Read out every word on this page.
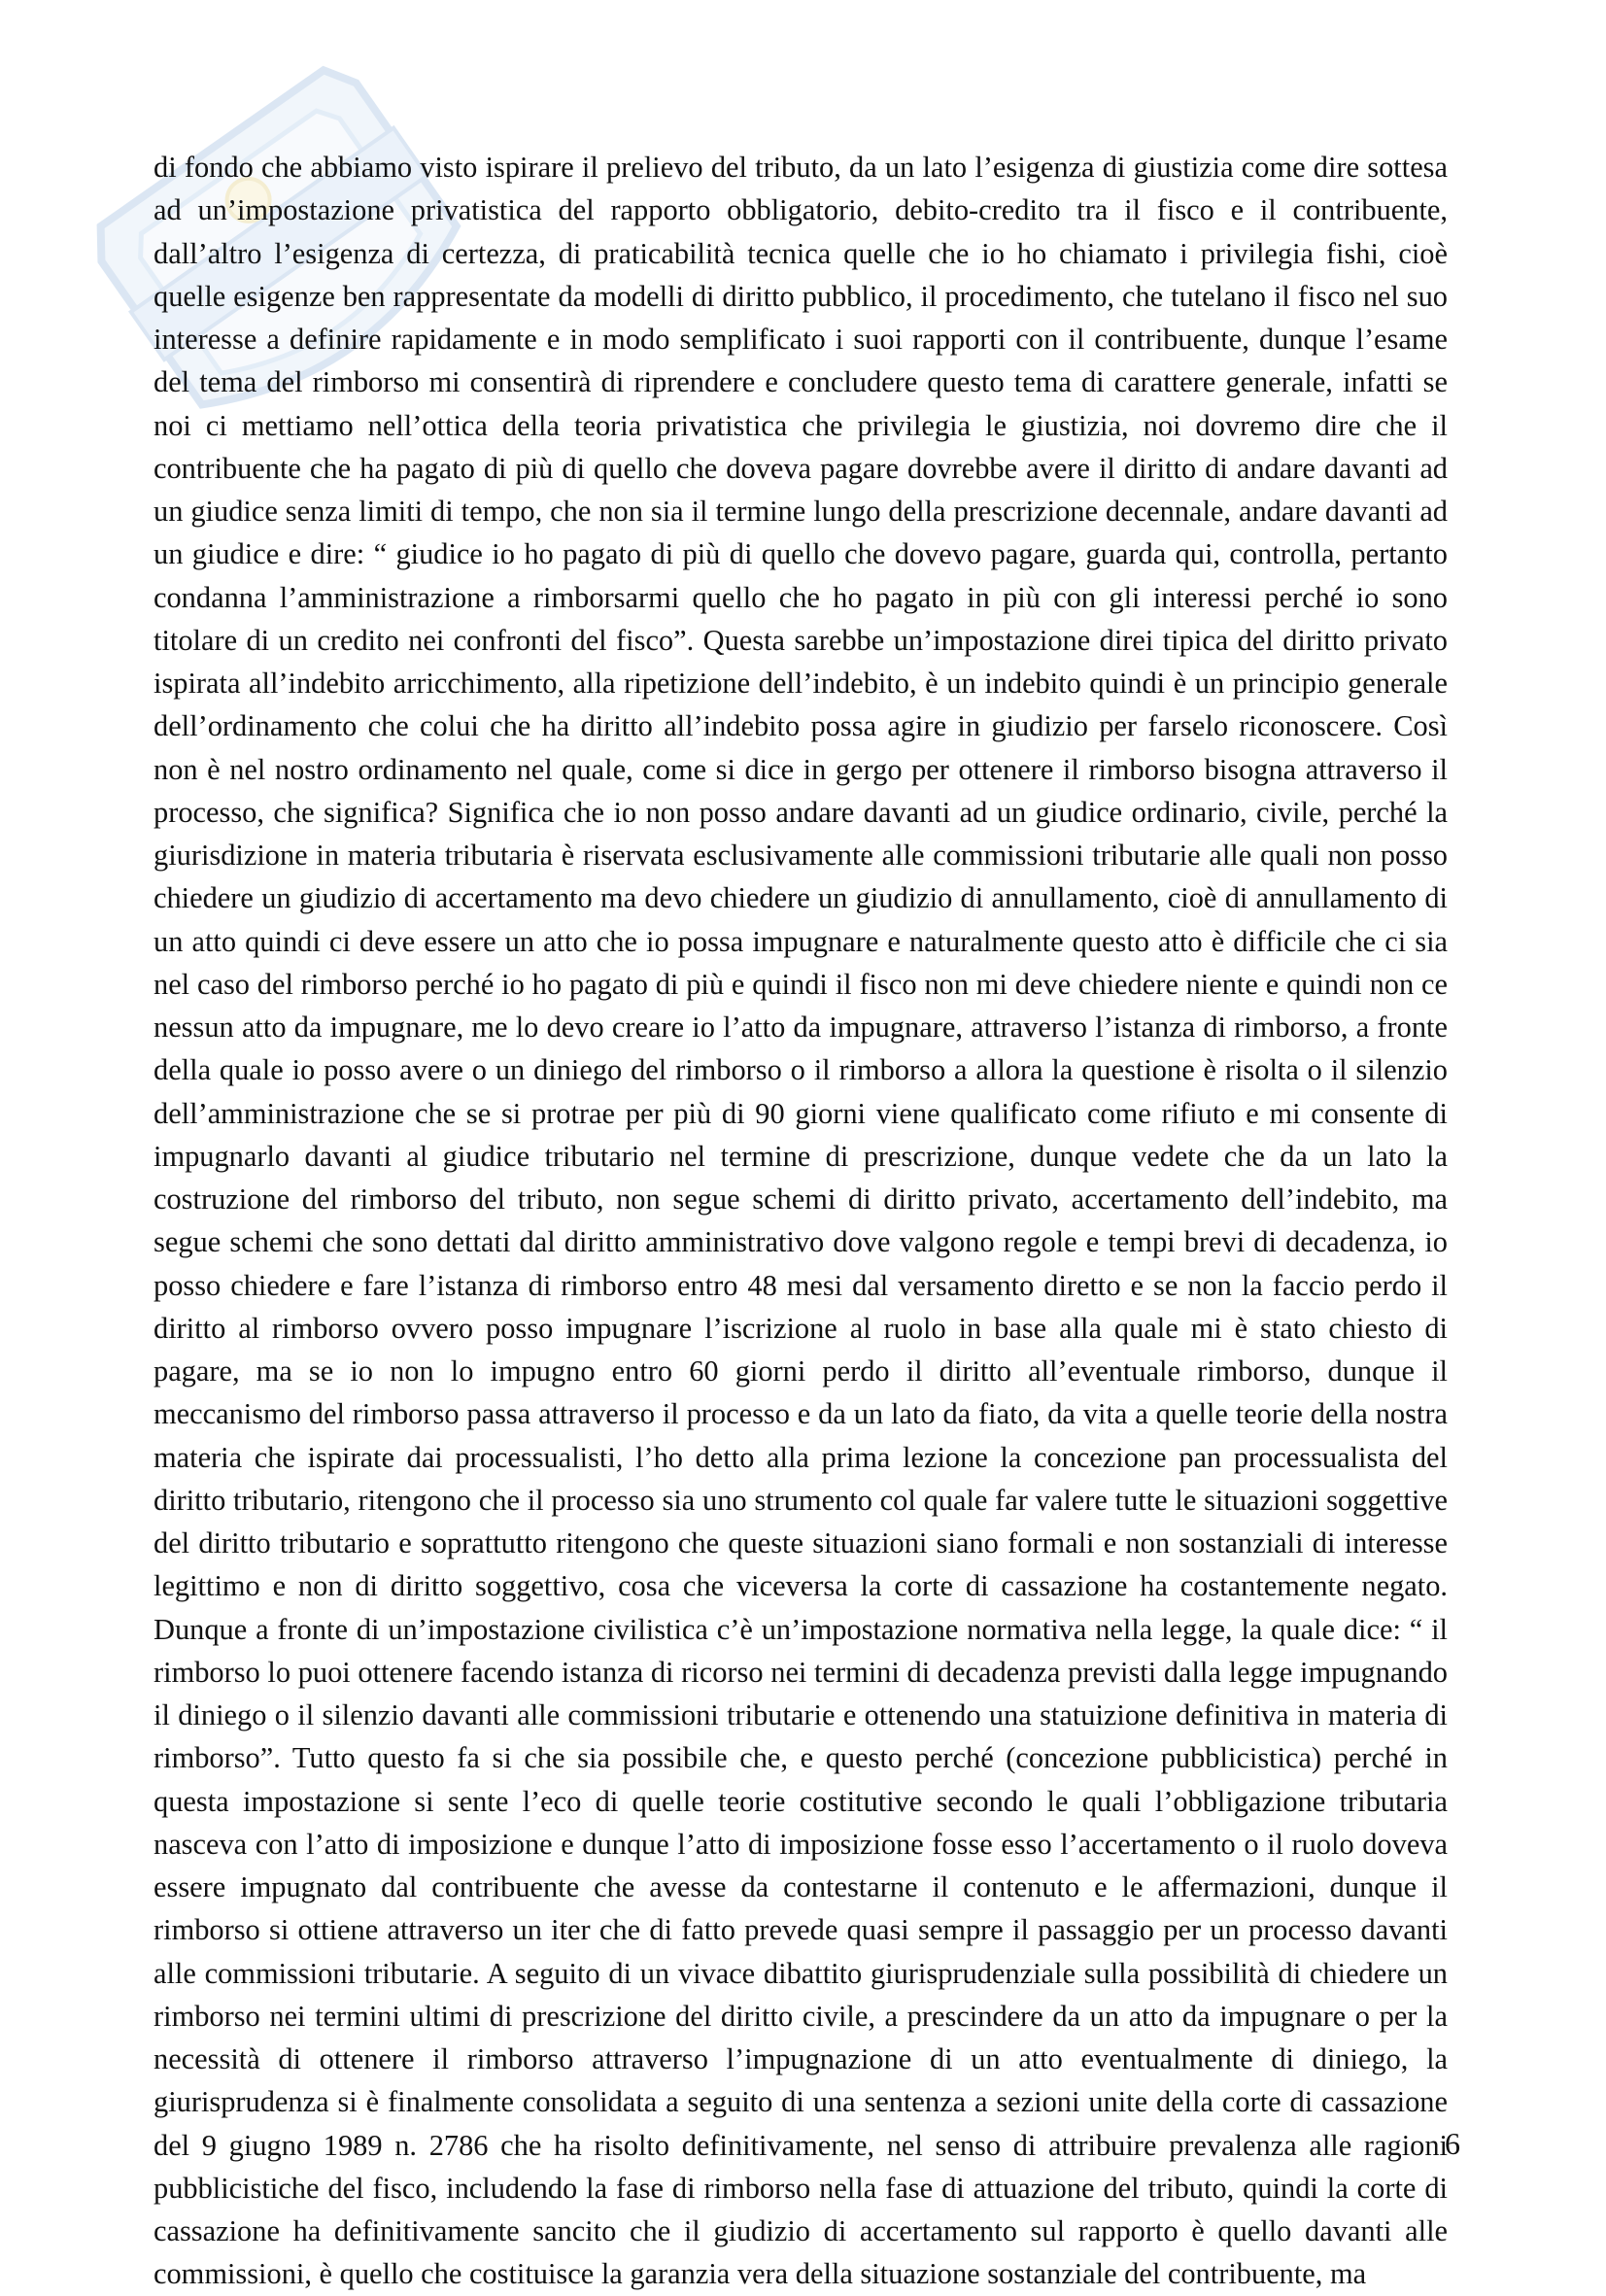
di fondo che abbiamo visto ispirare il prelievo del tributo, da un lato l’esigenza di giustizia come dire sottesa ad un’impostazione privatistica del rapporto obbligatorio, debito-credito tra il fisco e il contribuente, dall’altro l’esigenza di certezza, di praticabilità tecnica quelle che io ho chiamato i privilegia fishi, cioè quelle esigenze ben rappresentate da modelli di diritto pubblico, il procedimento, che tutelano il fisco nel suo interesse a definire rapidamente e in modo semplificato i suoi rapporti con il contribuente, dunque l’esame del tema del rimborso mi consentirà di riprendere e concludere questo tema di carattere generale, infatti se noi ci mettiamo nell’ottica della teoria privatistica che privilegia le giustizia, noi dovremo dire che il contribuente che ha pagato di più di quello che doveva pagare dovrebbe avere il diritto di andare davanti ad un giudice senza limiti di tempo, che non sia il termine lungo della prescrizione decennale, andare davanti ad un giudice e dire: “ giudice io ho pagato di più di quello che dovevo pagare, guarda qui, controlla, pertanto condanna l’amministrazione a rimborsarmi quello che ho pagato in più con gli interessi perché io sono titolare di un credito nei confronti del fisco”. Questa sarebbe un’impostazione direi tipica del diritto privato ispirata all’indebito arricchimento, alla ripetizione dell’indebito, è un indebito quindi è un principio generale dell’ordinamento che colui che ha diritto all’indebito possa agire in giudizio per farselo riconoscere. Così non è nel nostro ordinamento nel quale, come si dice in gergo per ottenere il rimborso bisogna attraverso il processo, che significa? Significa che io non posso andare davanti ad un giudice ordinario, civile, perché la giurisdizione in materia tributaria è riservata esclusivamente alle commissioni tributarie alle quali non posso chiedere un giudizio di accertamento ma devo chiedere un giudizio di annullamento, cioè di annullamento di un atto quindi ci deve essere un atto che io possa impugnare e naturalmente questo atto è difficile che ci sia nel caso del rimborso perché io ho pagato di più e quindi il fisco non mi deve chiedere niente e quindi non ce nessun atto da impugnare, me lo devo creare io l’atto da impugnare, attraverso l’istanza di rimborso, a fronte della quale io posso avere o un diniego del rimborso o il rimborso a allora la questione è risolta o il silenzio dell’amministrazione che se si protrae per più di 90 giorni viene qualificato come rifiuto e mi consente di impugnarlo davanti al giudice tributario nel termine di prescrizione, dunque vedete che da un lato la costruzione del rimborso del tributo, non segue schemi di diritto privato, accertamento dell’indebito, ma segue schemi che sono dettati dal diritto amministrativo dove valgono regole e tempi brevi di decadenza, io posso chiedere e fare l’istanza di rimborso entro 48 mesi dal versamento diretto e se non la faccio perdo il diritto al rimborso ovvero posso impugnare l’iscrizione al ruolo in base alla quale mi è stato chiesto di pagare, ma se io non lo impugno entro 60 giorni perdo il diritto all’eventuale rimborso, dunque il meccanismo del rimborso passa attraverso il processo e da un lato da fiato, da vita a quelle teorie della nostra materia che ispirate dai processualisti, l’ho detto alla prima lezione la concezione pan processualista del diritto tributario, ritengono che il processo sia uno strumento col quale far valere tutte le situazioni soggettive del diritto tributario e soprattutto ritengono che queste situazioni siano formali e non sostanziali di interesse legittimo e non di diritto soggettivo, cosa che viceversa la corte di cassazione ha costantemente negato. Dunque a fronte di un’impostazione civilistica c’è un’impostazione normativa nella legge, la quale dice: “ il rimborso lo puoi ottenere facendo istanza di ricorso nei termini di decadenza previsti dalla legge impugnando il diniego o il silenzio davanti alle commissioni tributarie e ottenendo una statuizione definitiva in materia di rimborso”. Tutto questo fa si che sia possibile che, e questo perché (concezione pubblicistica) perché in questa impostazione si sente l’eco di quelle teorie costitutive secondo le quali l’obbligazione tributaria nasceva con l’atto di imposizione e dunque l’atto di imposizione fosse esso l’accertamento o il ruolo doveva essere impugnato dal contribuente che avesse da contestarne il contenuto e le affermazioni, dunque il rimborso si ottiene attraverso un iter che di fatto prevede quasi sempre il passaggio per un processo davanti alle commissioni tributarie. A seguito di un vivace dibattito giurisprudenziale sulla possibilità di chiedere un rimborso nei termini ultimi di prescrizione del diritto civile, a prescindere da un atto da impugnare o per la necessità di ottenere il rimborso attraverso l’impugnazione di un atto eventualmente di diniego, la giurisprudenza si è finalmente consolidata a seguito di una sentenza a sezioni unite della corte di cassazione del 9 giugno 1989 n. 2786 che ha risolto definitivamente, nel senso di attribuire prevalenza alle ragioni pubblicistiche del fisco, includendo la fase di rimborso nella fase di attuazione del tributo, quindi la corte di cassazione ha definitivamente sancito che il giudizio di accertamento sul rapporto è quello davanti alle commissioni, è quello che costituisce la garanzia vera della situazione sostanziale del contribuente, ma

6
